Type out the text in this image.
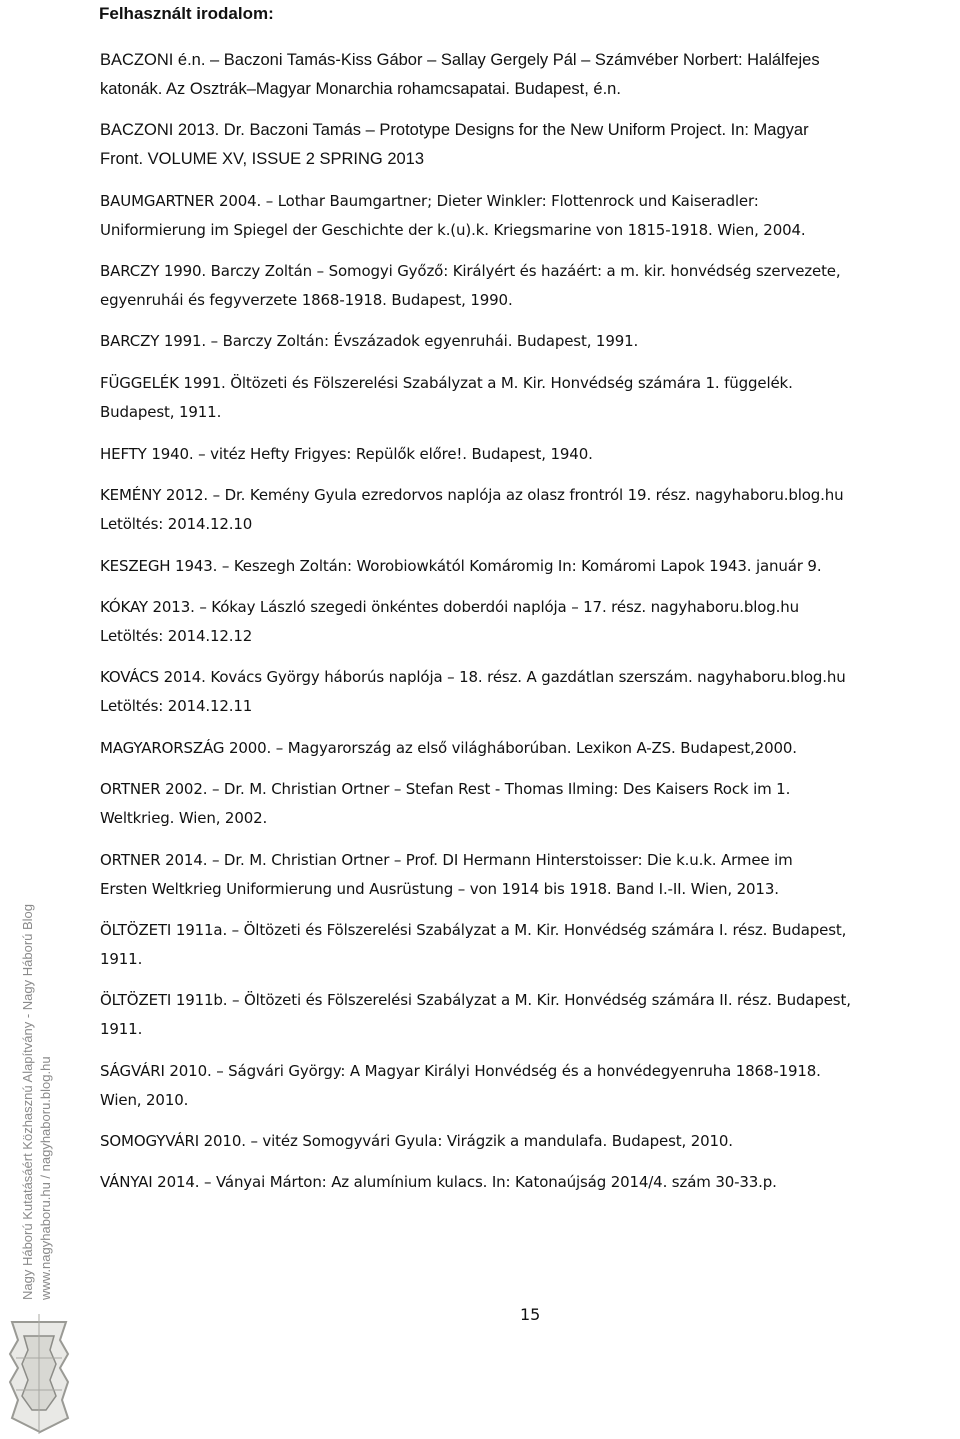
Felhasznált irodalom:
BACZONI é.n. – Baczoni Tamás-Kiss Gábor – Sallay Gergely Pál – Számvéber Norbert: Halálfejes
katonák. Az Osztrák–Magyar Monarchia rohamcsapatai. Budapest, é.n.
BACZONI 2013. Dr. Baczoni Tamás – Prototype Designs for the New Uniform Project. In: Magyar
Front. VOLUME XV, ISSUE 2 SPRING 2013
BAUMGARTNER 2004. – Lothar Baumgartner; Dieter Winkler: Flottenrock und Kaiseradler:
Uniformierung im Spiegel der Geschichte der k.(u).k. Kriegsmarine von 1815-1918. Wien, 2004.
BARCZY 1990. Barczy Zoltán – Somogyi Győző: Királyért és hazáért: a m. kir. honvédség szervezete,
egyenruhái és fegyverzete 1868-1918. Budapest, 1990.
BARCZY 1991. – Barczy Zoltán: Évszázadok egyenruhái. Budapest, 1991.
FÜGGELÉK 1991. Öltözeti és Fölszerelési Szabályzat a M. Kir. Honvédség számára 1. függelék.
Budapest, 1911.
HEFTY 1940. – vitéz Hefty Frigyes: Repülők előre!. Budapest, 1940.
KEMÉNY 2012. – Dr. Kemény Gyula ezredorvos naplója az olasz frontról 19. rész. nagyhaboru.blog.hu
Letöltés: 2014.12.10
KESZEGH 1943. – Keszegh Zoltán: Worobiowkától Komáromig In: Komáromi Lapok 1943. január 9.
KÓKAY 2013. – Kókay László szegedi önkéntes doberdói naplója – 17. rész. nagyhaboru.blog.hu
Letöltés: 2014.12.12
KOVÁCS 2014. Kovács György háborús naplója – 18. rész. A gazdátlan szerszám. nagyhaboru.blog.hu
Letöltés: 2014.12.11
MAGYARORSZÁG 2000. – Magyarország az első világháborúban. Lexikon A-ZS. Budapest,2000.
ORTNER 2002. – Dr. M. Christian Ortner – Stefan Rest - Thomas Ilming: Des Kaisers Rock im 1.
Weltkrieg. Wien, 2002.
ORTNER 2014. – Dr. M. Christian Ortner – Prof. DI Hermann Hinterstoisser: Die k.u.k. Armee im
Ersten Weltkrieg Uniformierung und Ausrüstung – von 1914 bis 1918. Band I.-II. Wien, 2013.
ÖLTÖZETI 1911a. – Öltözeti és Fölszerelési Szabályzat a M. Kir. Honvédség számára I. rész. Budapest,
1911.
ÖLTÖZETI 1911b. – Öltözeti és Fölszerelési Szabályzat a M. Kir. Honvédség számára II. rész. Budapest,
1911.
SÁGVÁRI 2010. – Ságvári György: A Magyar Királyi Honvédség és a honvédegyenruha 1868-1918.
Wien, 2010.
SOMOGYVÁRI 2010. – vitéz Somogyvári Gyula: Virágzik a mandulafa. Budapest, 2010.
VÁNYAI 2014. – Ványai Márton: Az alumínium kulacs. In: Katonaújság 2014/4. szám 30-33.p.
15
Nagy Háború Kutatásáért Közhasznú Alapítvány - Nagy Háború Blog www.nagyhaboru.hu / nagyhaboru.blog.hu
